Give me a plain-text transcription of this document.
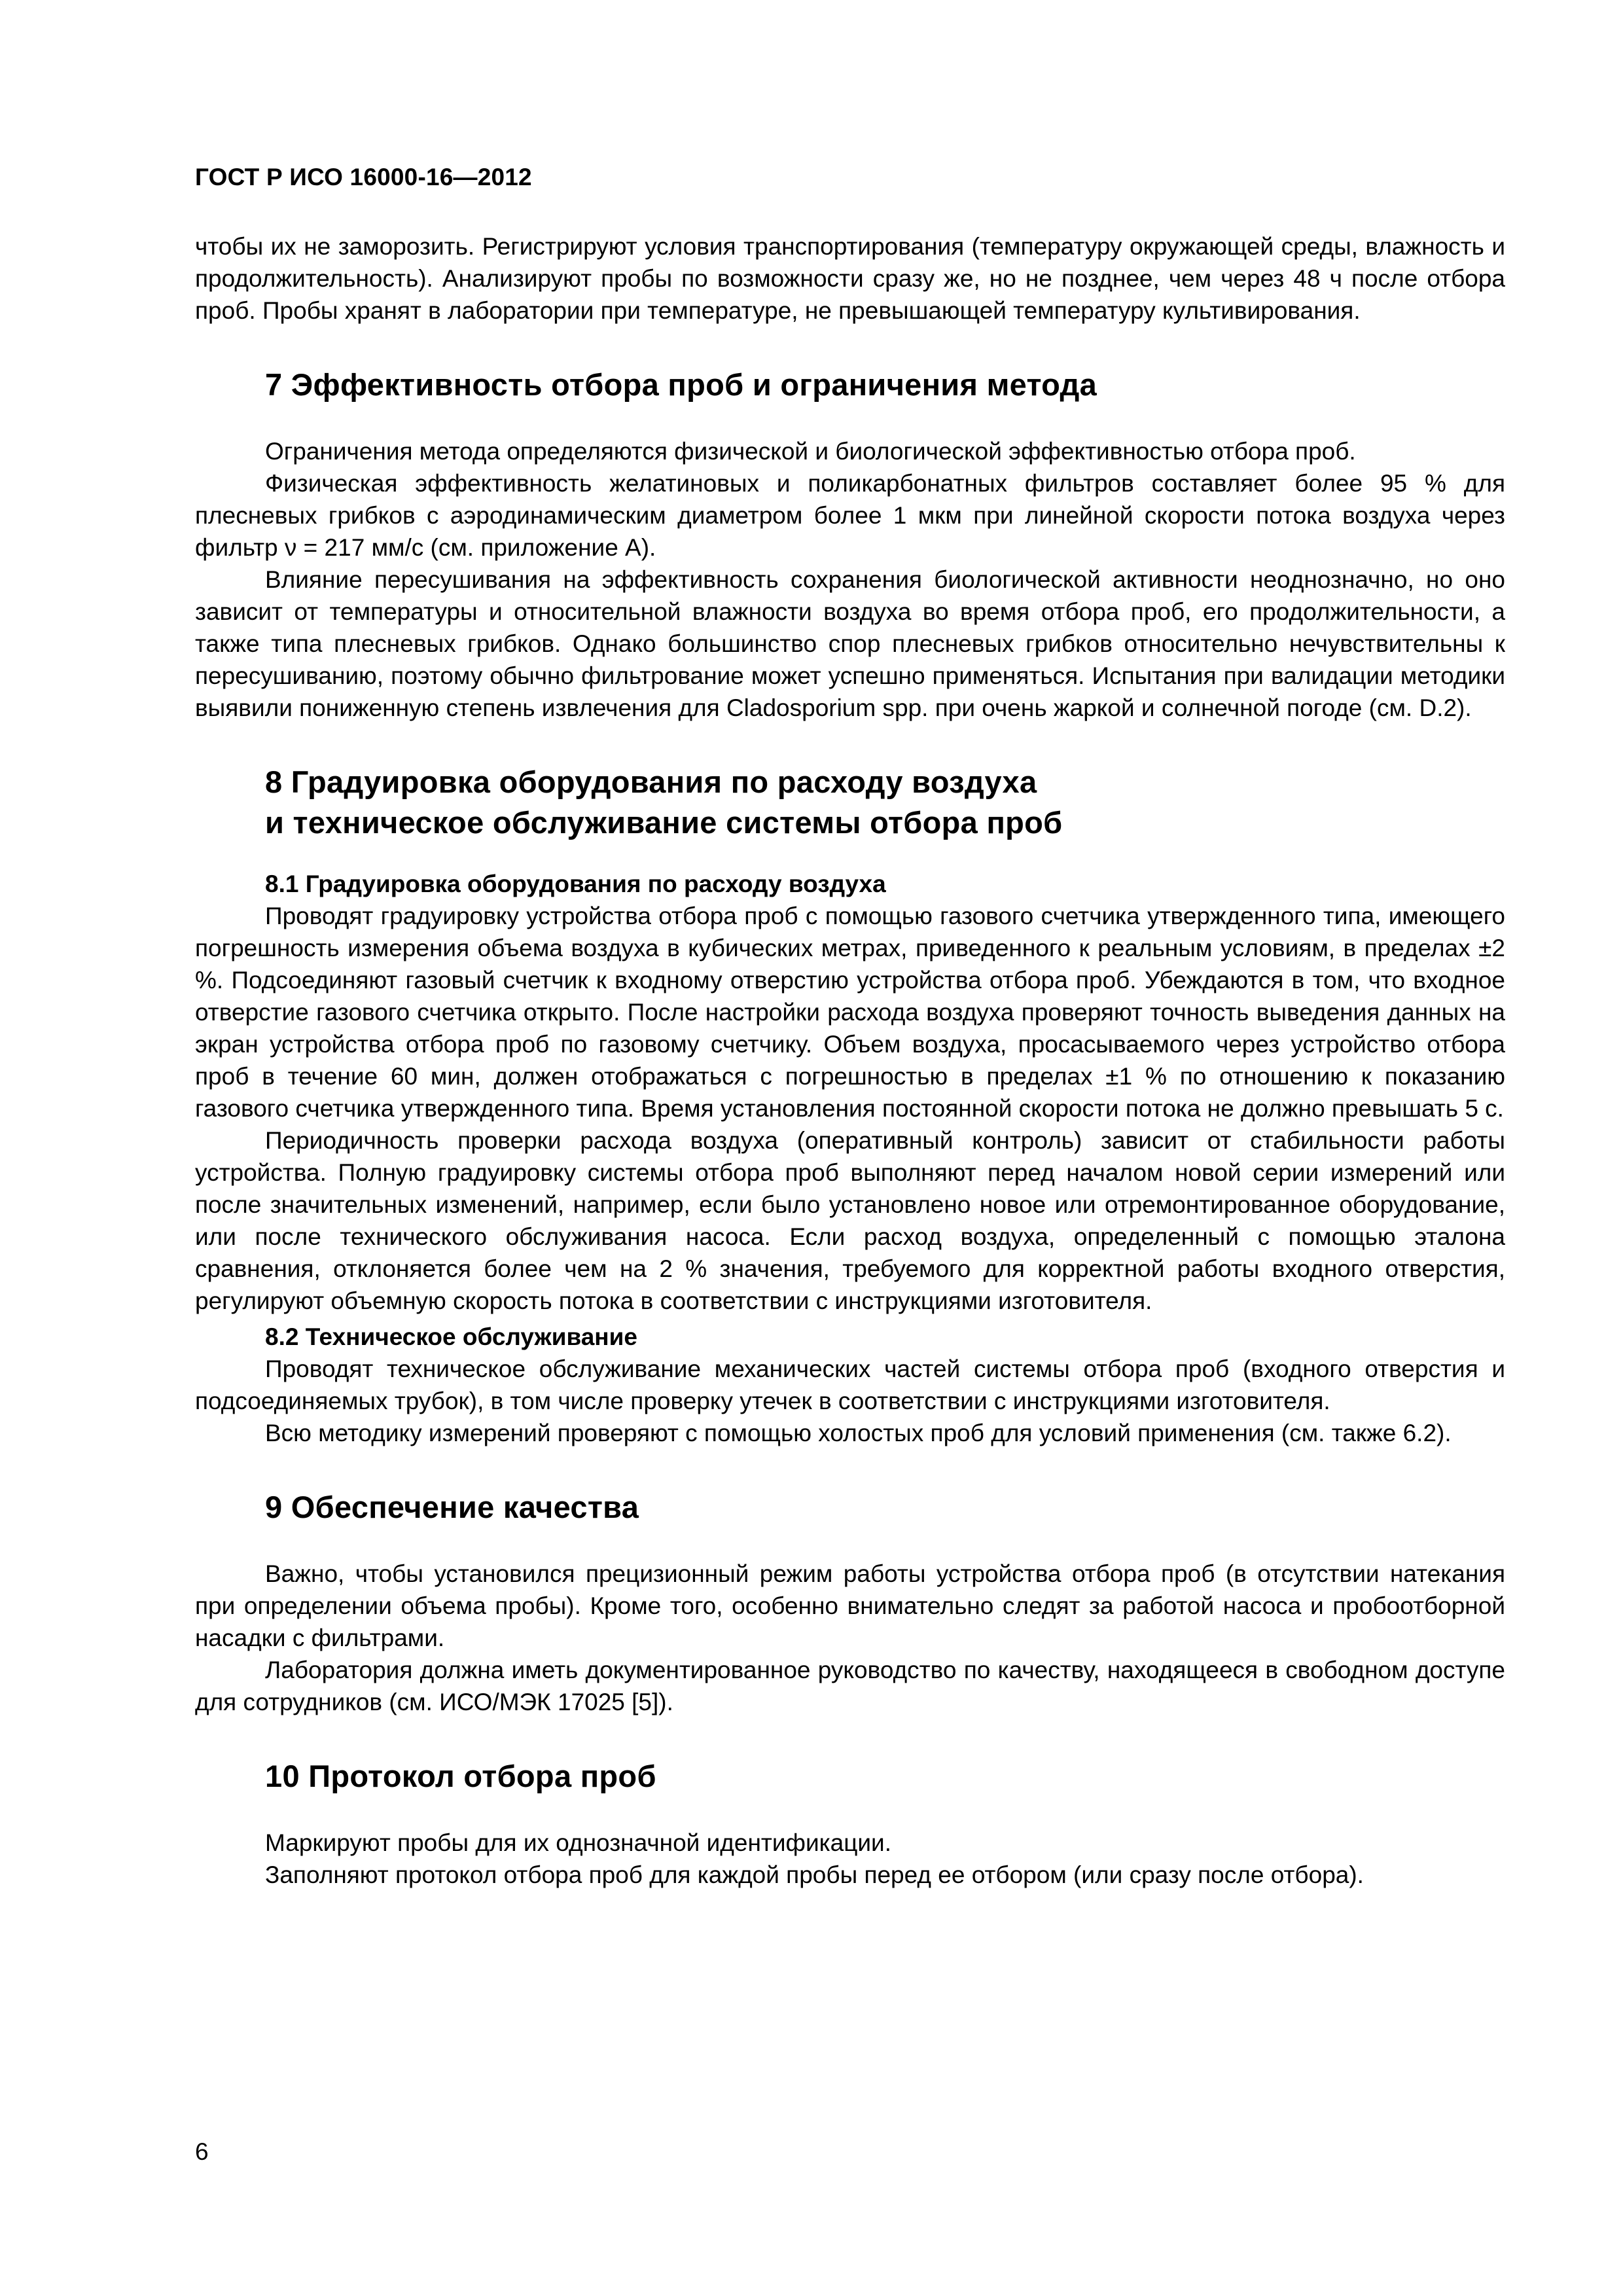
ГОСТ Р ИСО 16000-16—2012

чтобы их не заморозить. Регистрируют условия транспортирования (температуру окружающей среды, влажность и продолжительность). Анализируют пробы по возможности сразу же, но не позднее, чем через 48 ч после отбора проб. Пробы хранят в лаборатории при температуре, не превышающей температуру культивирования.

7 Эффективность отбора проб и ограничения метода

Ограничения метода определяются физической и биологической эффективностью отбора проб.

Физическая эффективность желатиновых и поликарбонатных фильтров составляет более 95 % для плесневых грибков с аэродинамическим диаметром более 1 мкм при линейной скорости потока воздуха через фильтр ν = 217 мм/с (см. приложение А).

Влияние пересушивания на эффективность сохранения биологической активности неоднозначно, но оно зависит от температуры и относительной влажности воздуха во время отбора проб, его продолжительности, а также типа плесневых грибков. Однако большинство спор плесневых грибков относительно нечувствительны к пересушиванию, поэтому обычно фильтрование может успешно применяться. Испытания при валидации методики выявили пониженную степень извлечения для Cladosporium spp. при очень жаркой и солнечной погоде (см. D.2).

8 Градуировка оборудования по расходу воздуха
и техническое обслуживание системы отбора проб
8.1 Градуировка оборудования по расходу воздуха

Проводят градуировку устройства отбора проб с помощью газового счетчика утвержденного типа, имеющего погрешность измерения объема воздуха в кубических метрах, приведенного к реальным условиям, в пределах ±2 %. Подсоединяют газовый счетчик к входному отверстию устройства отбора проб. Убеждаются в том, что входное отверстие газового счетчика открыто. После настройки расхода воздуха проверяют точность выведения данных на экран устройства отбора проб по газовому счетчику. Объем воздуха, просасываемого через устройство отбора проб в течение 60 мин, должен отображаться с погрешностью в пределах ±1 % по отношению к показанию газового счетчика утвержденного типа. Время установления постоянной скорости потока не должно превышать 5 с.

Периодичность проверки расхода воздуха (оперативный контроль) зависит от стабильности работы устройства. Полную градуировку системы отбора проб выполняют перед началом новой серии измерений или после значительных изменений, например, если было установлено новое или отремонтированное оборудование, или после технического обслуживания насоса. Если расход воздуха, определенный с помощью эталона сравнения, отклоняется более чем на 2 % значения, требуемого для корректной работы входного отверстия, регулируют объемную скорость потока в соответствии с инструкциями изготовителя.

8.2 Техническое обслуживание

Проводят техническое обслуживание механических частей системы отбора проб (входного отверстия и подсоединяемых трубок), в том числе проверку утечек в соответствии с инструкциями изготовителя.

Всю методику измерений проверяют с помощью холостых проб для условий применения (см. также 6.2).

9 Обеспечение качества

Важно, чтобы установился прецизионный режим работы устройства отбора проб (в отсутствии натекания при определении объема пробы). Кроме того, особенно внимательно следят за работой насоса и пробоотборной насадки с фильтрами.

Лаборатория должна иметь документированное руководство по качеству, находящееся в свободном доступе для сотрудников (см. ИСО/МЭК 17025 [5]).

10 Протокол отбора проб

Маркируют пробы для их однозначной идентификации.

Заполняют протокол отбора проб для каждой пробы перед ее отбором (или сразу после отбора).

6
